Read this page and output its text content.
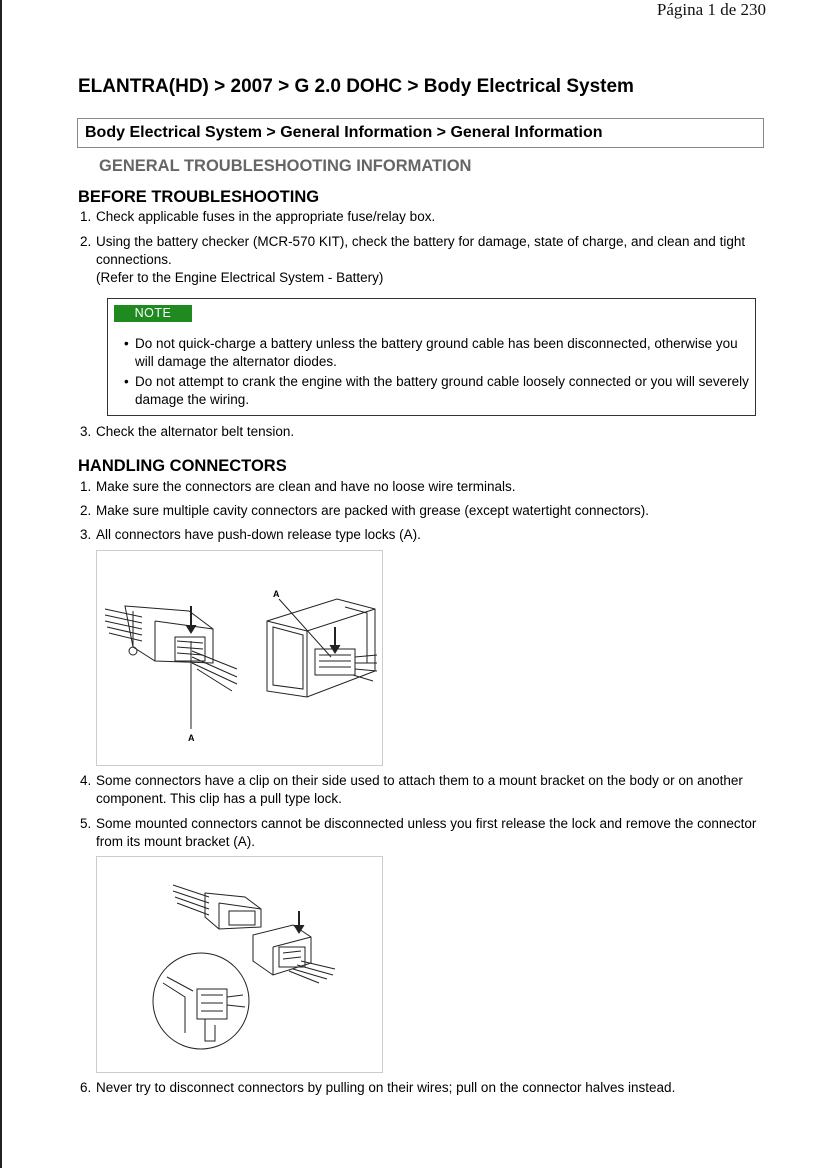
Página 1 de 230
ELANTRA(HD) > 2007 > G 2.0 DOHC > Body Electrical System
Body Electrical System > General Information > General Information
GENERAL TROUBLESHOOTING INFORMATION
BEFORE TROUBLESHOOTING
1. Check applicable fuses in the appropriate fuse/relay box.
2. Using the battery checker (MCR-570 KIT), check the battery for damage, state of charge, and clean and tight connections.
(Refer to the Engine Electrical System - Battery)
NOTE
• Do not quick-charge a battery unless the battery ground cable has been disconnected, otherwise you will damage the alternator diodes.
• Do not attempt to crank the engine with the battery ground cable loosely connected or you will severely damage the wiring.
3. Check the alternator belt tension.
HANDLING CONNECTORS
1. Make sure the connectors are clean and have no loose wire terminals.
2. Make sure multiple cavity connectors are packed with grease (except watertight connectors).
3. All connectors have push-down release type locks (A).
A
A
4. Some connectors have a clip on their side used to attach them to a mount bracket on the body or on another component. This clip has a pull type lock.
5. Some mounted connectors cannot be disconnected unless you first release the lock and remove the connector from its mount bracket (A).
6. Never try to disconnect connectors by pulling on their wires; pull on the connector halves instead.
